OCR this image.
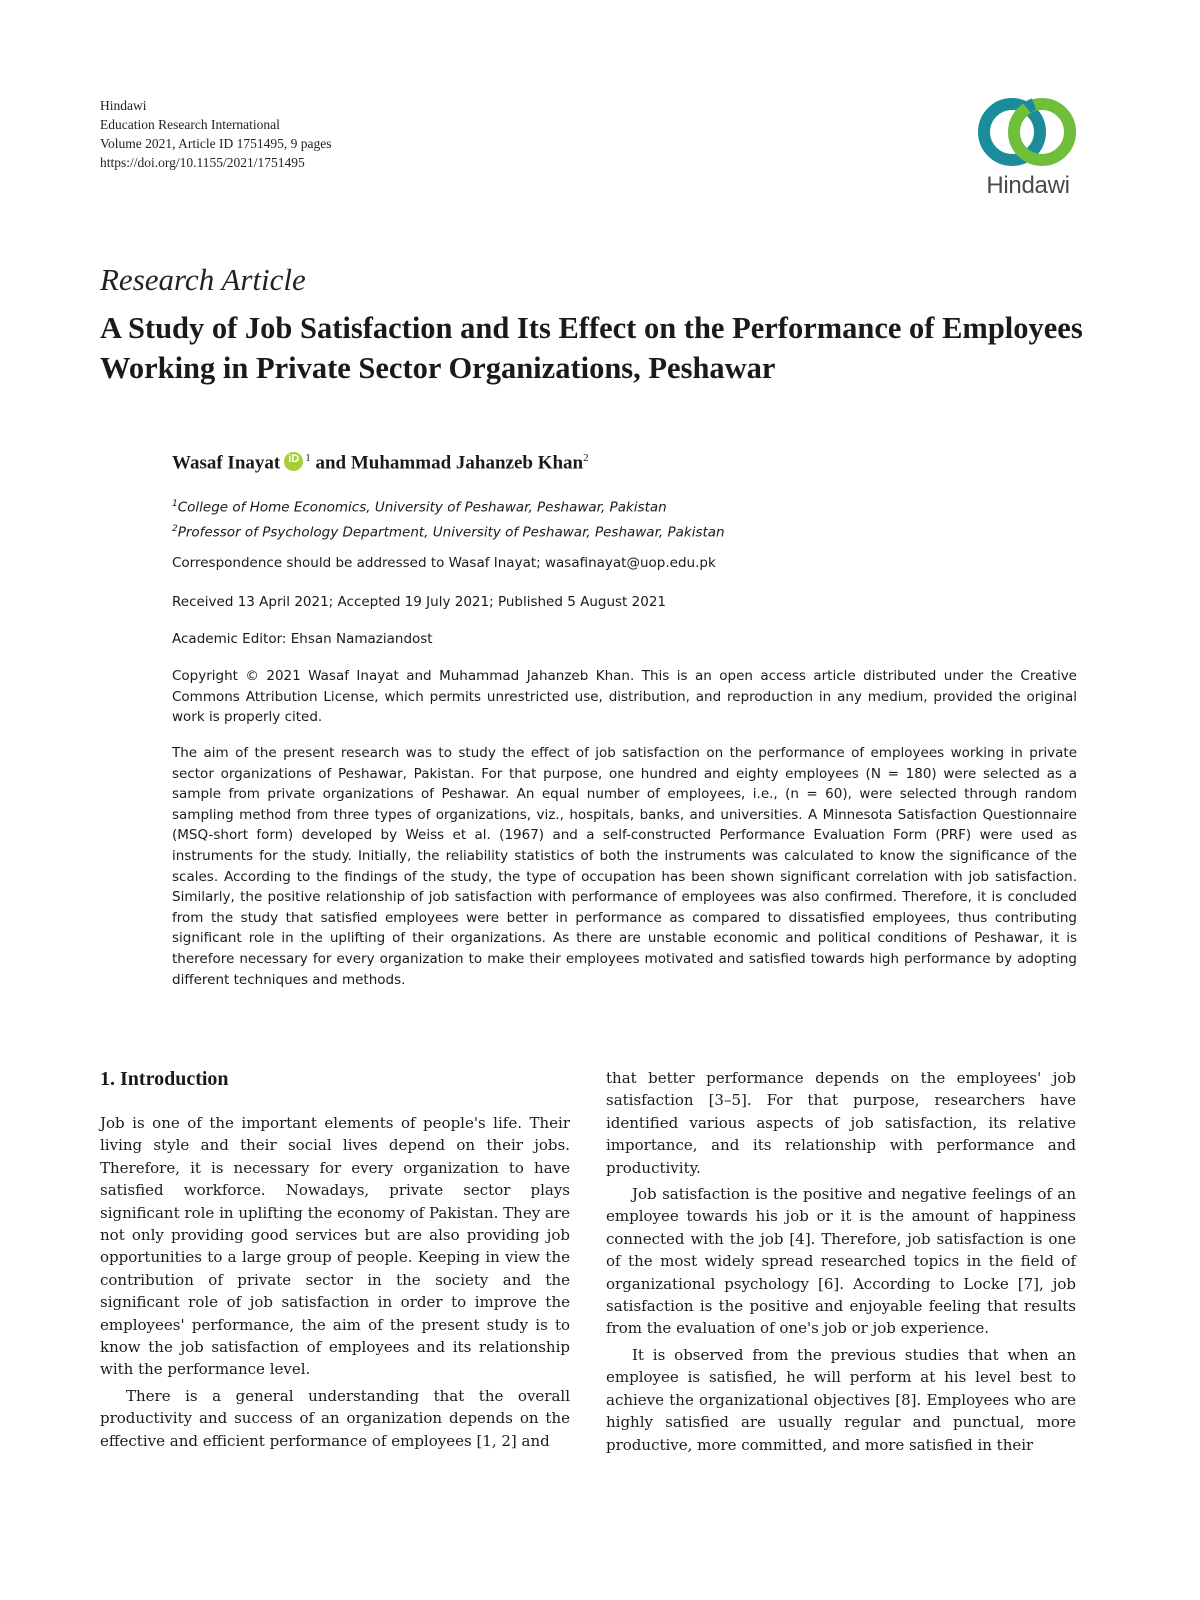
Hindawi
Education Research International
Volume 2021, Article ID 1751495, 9 pages
https://doi.org/10.1155/2021/1751495
Hindawi
Research Article
A Study of Job Satisfaction and Its Effect on the Performance of Employees Working in Private Sector Organizations, Peshawar
Wasaf Inayat iD $^1$ and Muhammad Jahanzeb Khan$^2$
$^1$College of Home Economics, University of Peshawar, Peshawar, Pakistan
$^2$Professor of Psychology Department, University of Peshawar, Peshawar, Pakistan
Correspondence should be addressed to Wasaf Inayat; wasafinayat@uop.edu.pk
Received 13 April 2021; Accepted 19 July 2021; Published 5 August 2021
Academic Editor: Ehsan Namaziandost
Copyright © 2021 Wasaf Inayat and Muhammad Jahanzeb Khan. This is an open access article distributed under the Creative Commons Attribution License, which permits unrestricted use, distribution, and reproduction in any medium, provided the original work is properly cited.
The aim of the present research was to study the effect of job satisfaction on the performance of employees working in private sector organizations of Peshawar, Pakistan. For that purpose, one hundred and eighty employees (N = 180) were selected as a sample from private organizations of Peshawar. An equal number of employees, i.e., (n = 60), were selected through random sampling method from three types of organizations, viz., hospitals, banks, and universities. A Minnesota Satisfaction Questionnaire (MSQ-short form) developed by Weiss et al. (1967) and a self-constructed Performance Evaluation Form (PRF) were used as instruments for the study. Initially, the reliability statistics of both the instruments was calculated to know the significance of the scales. According to the findings of the study, the type of occupation has been shown significant correlation with job satisfaction. Similarly, the positive relationship of job satisfaction with performance of employees was also confirmed. Therefore, it is concluded from the study that satisfied employees were better in performance as compared to dissatisfied employees, thus contributing significant role in the uplifting of their organizations. As there are unstable economic and political conditions of Peshawar, it is therefore necessary for every organization to make their employees motivated and satisfied towards high performance by adopting different techniques and methods.
1. Introduction

Job is one of the important elements of people's life. Their living style and their social lives depend on their jobs. Therefore, it is necessary for every organization to have satisfied workforce. Nowadays, private sector plays significant role in uplifting the economy of Pakistan. They are not only providing good services but are also providing job opportunities to a large group of people. Keeping in view the contribution of private sector in the society and the significant role of job satisfaction in order to improve the employees' performance, the aim of the present study is to know the job satisfaction of employees and its relationship with the performance level.

There is a general understanding that the overall productivity and success of an organization depends on the effective and efficient performance of employees [1, 2] and

that better performance depends on the employees' job satisfaction [3–5]. For that purpose, researchers have identified various aspects of job satisfaction, its relative importance, and its relationship with performance and productivity.

Job satisfaction is the positive and negative feelings of an employee towards his job or it is the amount of happiness connected with the job [4]. Therefore, job satisfaction is one of the most widely spread researched topics in the field of organizational psychology [6]. According to Locke [7], job satisfaction is the positive and enjoyable feeling that results from the evaluation of one's job or job experience.

It is observed from the previous studies that when an employee is satisfied, he will perform at his level best to achieve the organizational objectives [8]. Employees who are highly satisfied are usually regular and punctual, more productive, more committed, and more satisfied in their
